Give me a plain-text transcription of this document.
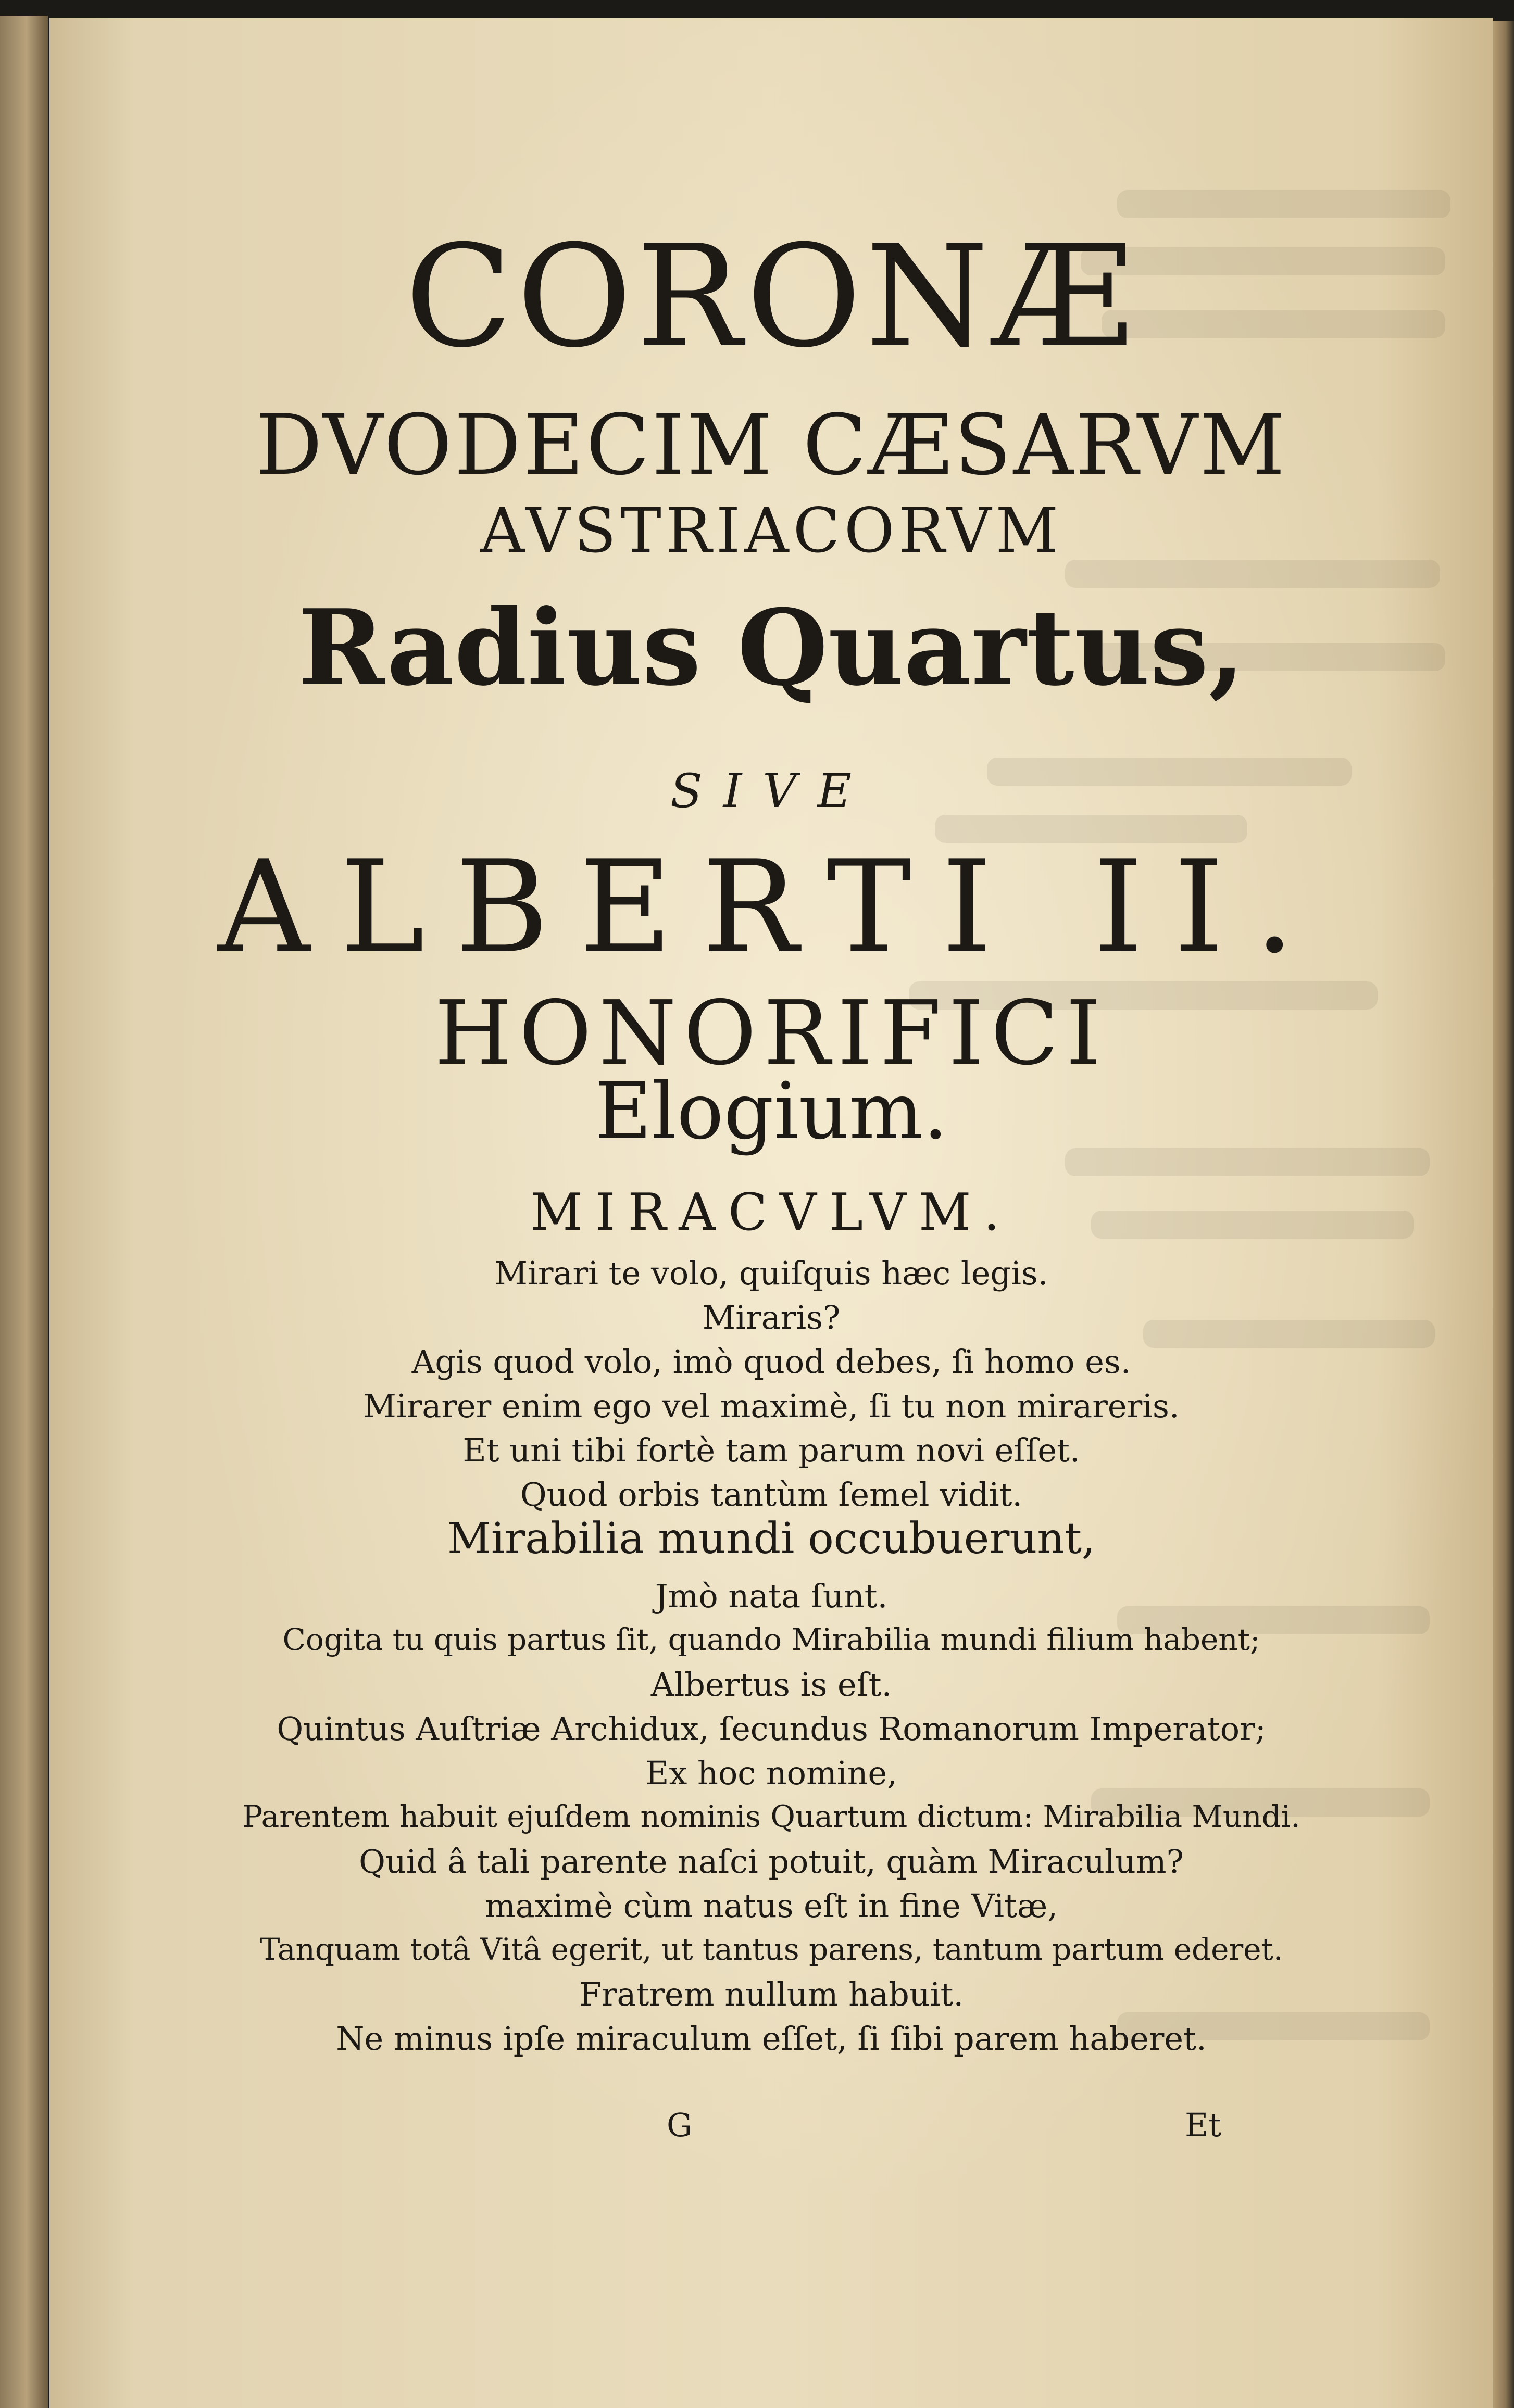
CORONÆ
DVODECIM CÆSARVM
AVSTRIACORVM
Radius Quartus,
SIVE
ALBERTI II.
HONORIFICI
Elogium.
MIRACVLVM.
Mirari te volo, quiſquis hæc legis.
Miraris?
Agis quod volo, imò quod debes, ſi homo es.
Mirarer enim ego vel maximè, ſi tu non mirareris.
Et uni tibi fortè tam parum novi eſſet.
Quod orbis tantùm ſemel vidit.
Mirabilia mundi occubuerunt,
Jmò nata ſunt.
Cogita tu quis partus ſit, quando Mirabilia mundi filium habent;
Albertus is eſt.
Quintus Auſtriæ Archidux, ſecundus Romanorum Imperator;
Ex hoc nomine,
Parentem habuit ejuſdem nominis Quartum dictum: Mirabilia Mundi.
Quid â tali parente naſci potuit, quàm Miraculum?
maximè cùm natus eſt in fine Vitæ,
Tanquam totâ Vitâ egerit, ut tantus parens, tantum partum ederet.
Fratrem nullum habuit.
Ne minus ipſe miraculum eſſet, ſi ſibi parem haberet.
G	Et
